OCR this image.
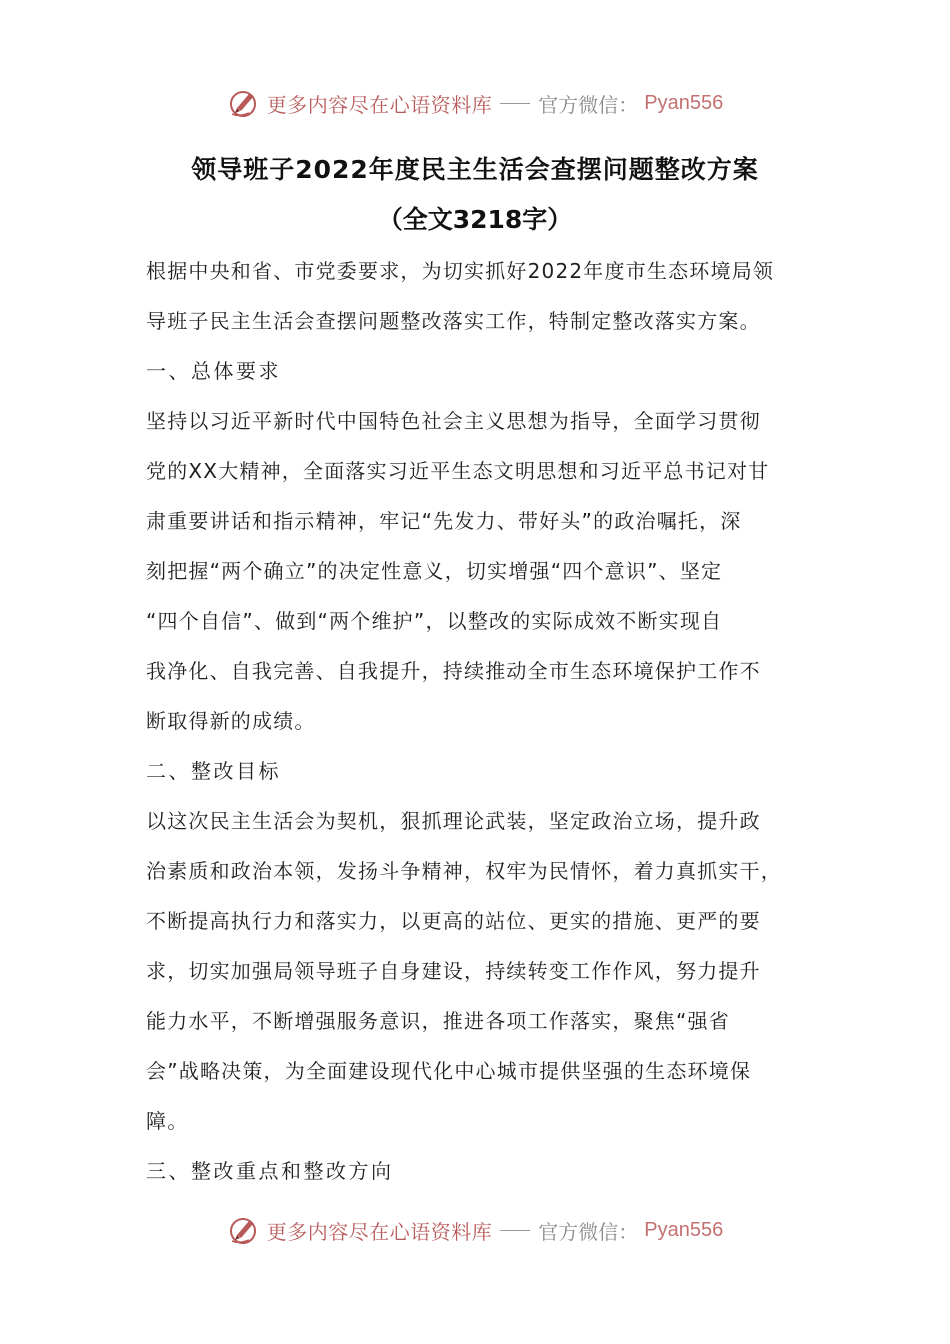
更多内容尽在心语资料库 官方微信： Pyan556
领导班子2022年度民主生活会查摆问题整改方案
（全文3218字）
根据中央和省、市党委要求，为切实抓好2022年度市生态环境局领
导班子民主生活会查摆问题整改落实工作，特制定整改落实方案。
一、总体要求
坚持以习近平新时代中国特色社会主义思想为指导，全面学习贯彻
党的XX大精神，全面落实习近平生态文明思想和习近平总书记对甘
肃重要讲话和指示精神，牢记“先发力、带好头”的政治嘱托，深
刻把握“两个确立”的决定性意义，切实增强“四个意识”、坚定
“四个自信”、做到“两个维护”，以整改的实际成效不断实现自
我净化、自我完善、自我提升，持续推动全市生态环境保护工作不
断取得新的成绩。
二、整改目标
以这次民主生活会为契机，狠抓理论武装，坚定政治立场，提升政
治素质和政治本领，发扬斗争精神，权牢为民情怀，着力真抓实干，
不断提高执行力和落实力，以更高的站位、更实的措施、更严的要
求，切实加强局领导班子自身建设，持续转变工作作风，努力提升
能力水平，不断增强服务意识，推进各项工作落实，聚焦“强省
会”战略决策，为全面建设现代化中心城市提供坚强的生态环境保
障。
三、整改重点和整改方向
更多内容尽在心语资料库 官方微信： Pyan556
